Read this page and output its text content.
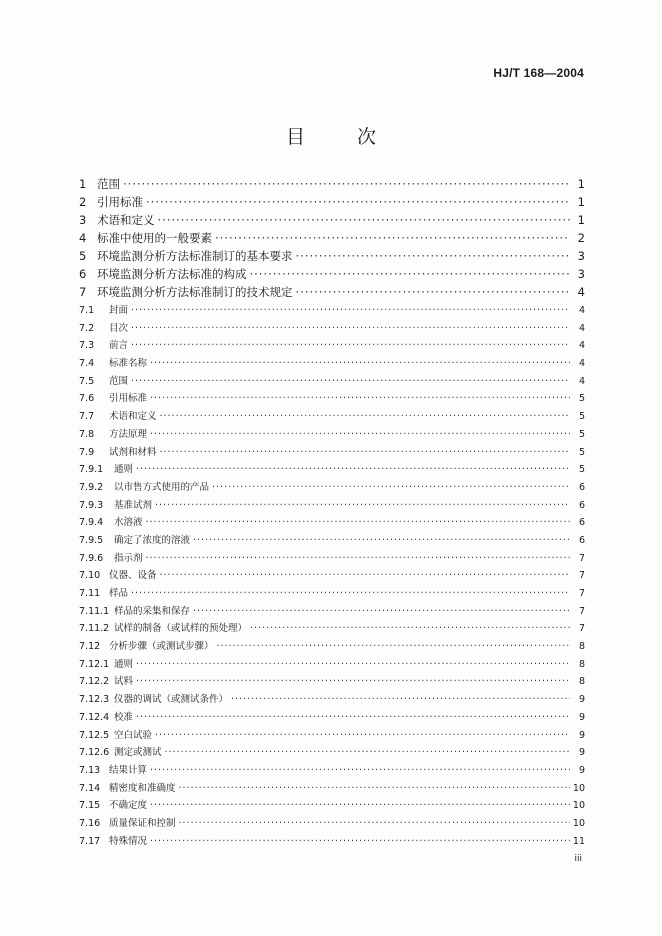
HJ/T 168—2004
目	次
1 范围 ·····	1
2 引用标准 ·····	1
3 术语和定义 ·····	1
4 标准中使用的一般要素 ·····	2
5 环境监测分析方法标准制订的基本要求 ·····	3
6 环境监测分析方法标准的构成 ·····	3
7 环境监测分析方法标准制订的技术规定 ·····	4
7.1	封面 ·····	4
7.2	目次 ·····	4
7.3	前言 ·····	4
7.4	标准名称 ·····	4
7.5	范围 ·····	4
7.6	引用标准 ·····	5
7.7	术语和定义 ·····	5
7.8	方法原理 ·····	5
7.9	试剂和材料 ·····	5
7.9.1	通则 ·····	5
7.9.2	以市售方式使用的产品 ·····	6
7.9.3	基准试剂 ·····	6
7.9.4	水溶液 ·····	6
7.9.5	确定了浓度的溶液 ·····	6
7.9.6	指示剂 ·····	7
7.10 仪器、设备 ·····	7
7.11 样品 ·····	7
7.11.1 样品的采集和保存 ·····	7
7.11.2 试样的制备（或试样的预处理） ·····	7
7.12 分析步骤（或测试步骤） ·····	8
7.12.1 通则 ·····	8
7.12.2 试料 ·····	8
7.12.3 仪器的调试（或测试条件） ·····	9
7.12.4 校准 ·····	9
7.12.5 空白试验 ·····	9
7.12.6 测定或测试 ·····	9
7.13 结果计算 ·····	9
7.14 精密度和准确度 ·····	10
7.15 不确定度 ·····	10
7.16 质量保证和控制 ·····	10
7.17 特殊情况 ·····	11
iii
